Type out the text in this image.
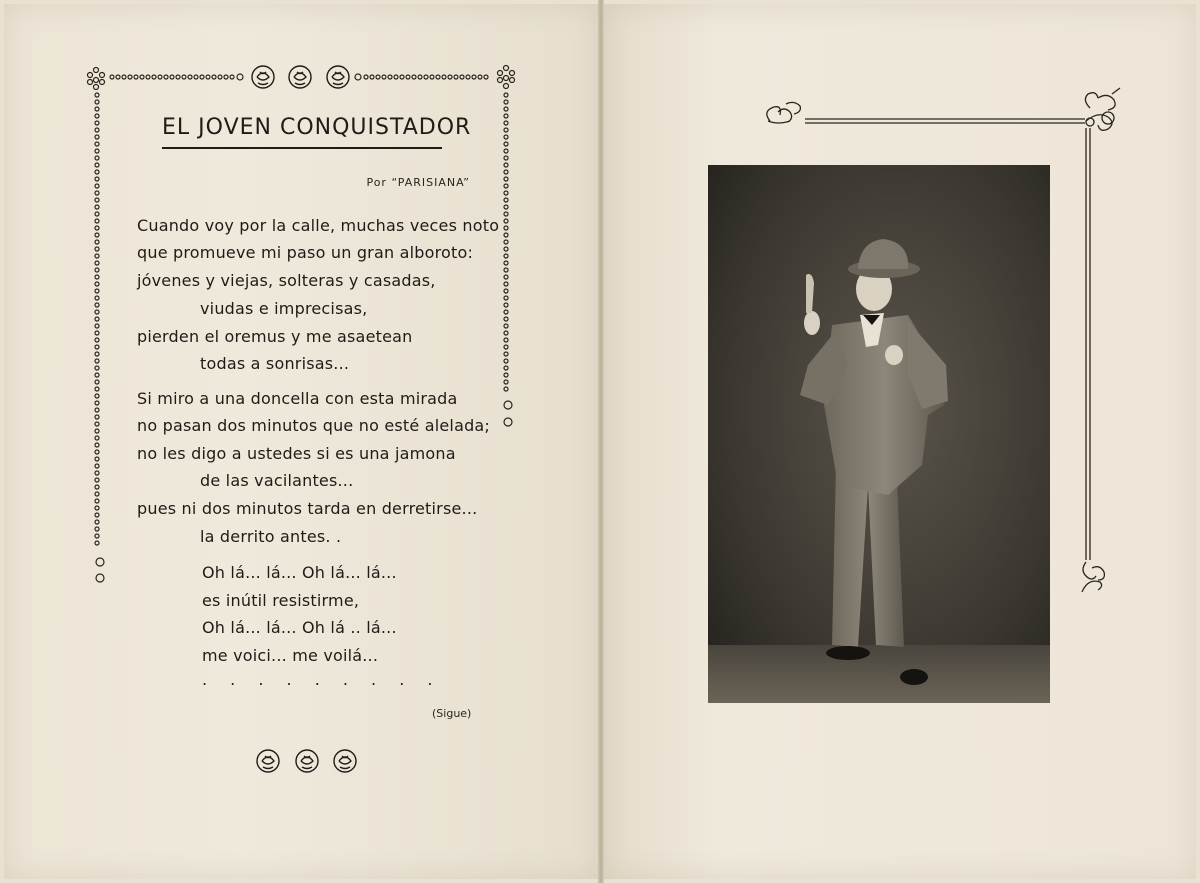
EL JOVEN CONQUISTADOR
Por “PARISIANA”
Cuando voy por la calle, muchas veces noto
que promueve mi paso un gran alboroto:
jóvenes y viejas, solteras y casadas,
viudas e imprecisas,
pierden el oremus y me asaetean
todas a sonrisas...
Si miro a una doncella con esta mirada
no pasan dos minutos que no esté alelada;
no les digo a ustedes si es una jamona
de las vacilantes...
pues ni dos minutos tarda en derretirse...
la derrito antes. .
Oh lá... lá... Oh lá... lá...
es inútil resistirme,
Oh lá... lá... Oh lá .. lá...
me voici... me voilá...
. . . . . . . . .
(Sigue)
